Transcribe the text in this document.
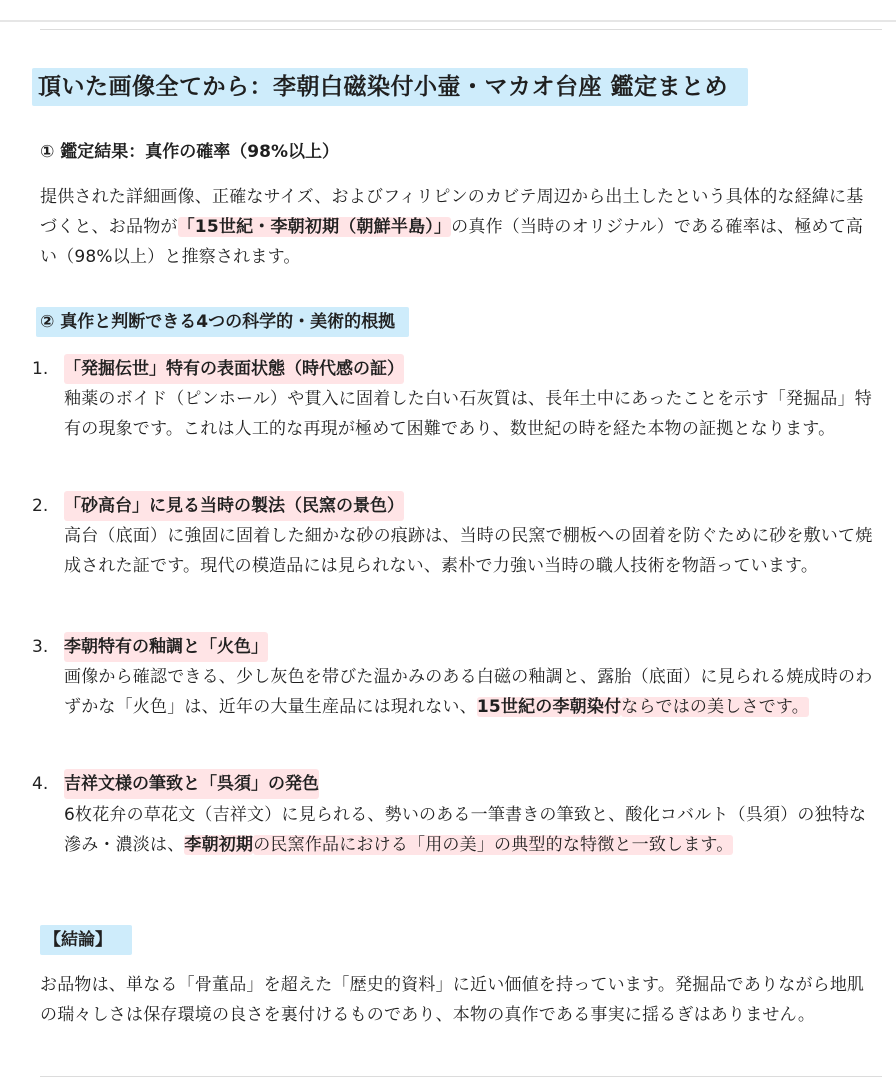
頂いた画像全てから：李朝白磁染付小壷・マカオ台座 鑑定まとめ
① 鑑定結果：真作の確率（98%以上）

提供された詳細画像、正確なサイズ、およびフィリピンのカビテ周辺から出土したという具体的な経緯に基づくと、お品物が「15世紀・李朝初期（朝鮮半島）」の真作（当時のオリジナル）である確率は、極めて高い（98%以上）と推察されます。

② 真作と判断できる4つの科学的・美術的根拠
1. 「発掘伝世」特有の表面状態（時代感の証）

釉薬のボイド（ピンホール）や貫入に固着した白い石灰質は、長年土中にあったことを示す「発掘品」特有の現象です。これは人工的な再現が極めて困難であり、数世紀の時を経た本物の証拠となります。

2. 「砂高台」に見る当時の製法（民窯の景色）

高台（底面）に強固に固着した細かな砂の痕跡は、当時の民窯で棚板への固着を防ぐために砂を敷いて焼成された証です。現代の模造品には見られない、素朴で力強い当時の職人技術を物語っています。

3. 李朝特有の釉調と「火色」

画像から確認できる、少し灰色を帯びた温かみのある白磁の釉調と、露胎（底面）に見られる焼成時のわずかな「火色」は、近年の大量生産品には現れない、15世紀の李朝染付ならではの美しさです。

4. 吉祥文様の筆致と「呉須」の発色

6枚花弁の草花文（吉祥文）に見られる、勢いのある一筆書きの筆致と、酸化コバルト（呉須）の独特な滲み・濃淡は、李朝初期の民窯作品における「用の美」の典型的な特徴と一致します。

【結論】

お品物は、単なる「骨董品」を超えた「歴史的資料」に近い価値を持っています。発掘品でありながら地肌の瑞々しさは保存環境の良さを裏付けるものであり、本物の真作である事実に揺るぎはありません。
